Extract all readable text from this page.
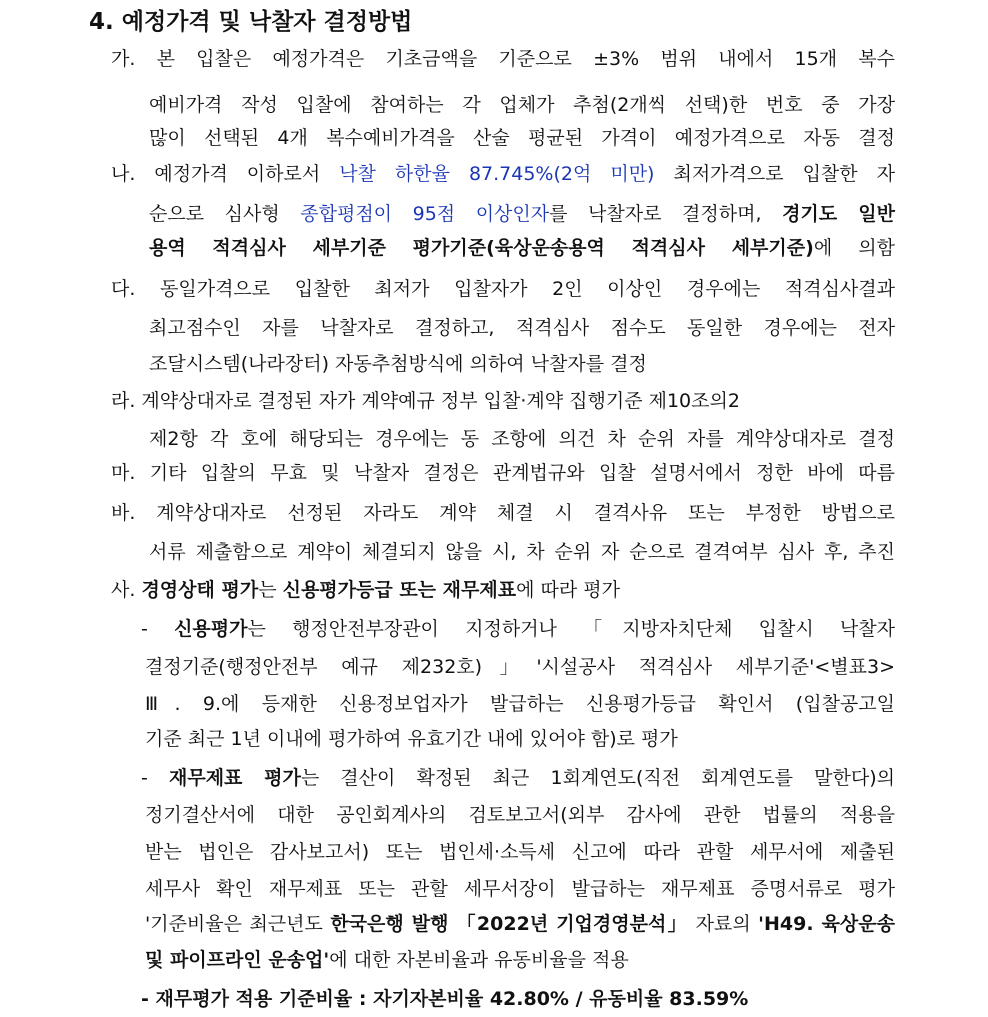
4. 예정가격 및 낙찰자 결정방법
가. 본 입찰은 예정가격은 기초금액을 기준으로 ±3% 범위 내에서 15개 복수
예비가격 작성 입찰에 참여하는 각 업체가 추첨(2개씩 선택)한 번호 중 가장
많이 선택된 4개 복수예비가격을 산술 평균된 가격이 예정가격으로 자동 결정
나. 예정가격 이하로서 낙찰 하한율 87.745%(2억 미만) 최저가격으로 입찰한 자
순으로 심사형 종합평점이 95점 이상인자를 낙찰자로 결정하며, 경기도 일반
용역 적격심사 세부기준 평가기준(육상운송용역 적격심사 세부기준)에 의함
다. 동일가격으로 입찰한 최저가 입찰자가 2인 이상인 경우에는 적격심사결과
최고점수인 자를 낙찰자로 결정하고, 적격심사 점수도 동일한 경우에는 전자
조달시스템(나라장터) 자동추첨방식에 의하여 낙찰자를 결정
라. 계약상대자로 결정된 자가 계약예규 정부 입찰·계약 집행기준 제10조의2
제2항 각 호에 해당되는 경우에는 동 조항에 의건 차 순위 자를 계약상대자로 결정
마. 기타 입찰의 무효 및 낙찰자 결정은 관계법규와 입찰 설명서에서 정한 바에 따름
바. 계약상대자로 선정된 자라도 계약 체결 시 결격사유 또는 부정한 방법으로
서류 제출함으로 계약이 체결되지 않을 시, 차 순위 자 순으로 결격여부 심사 후, 추진
사. 경영상태 평가는 신용평가등급 또는 재무제표에 따라 평가
- 신용평가는 행정안전부장관이 지정하거나 「지방자치단체 입찰시 낙찰자
결정기준(행정안전부 예규 제232호)」'시설공사 적격심사 세부기준'<별표3>
Ⅲ. 9.에 등재한 신용정보업자가 발급하는 신용평가등급 확인서 (입찰공고일
기준 최근 1년 이내에 평가하여 유효기간 내에 있어야 함)로 평가
- 재무제표 평가는 결산이 확정된 최근 1회계연도(직전 회계연도를 말한다)의
정기결산서에 대한 공인회계사의 검토보고서(외부 감사에 관한 법률의 적용을
받는 법인은 감사보고서) 또는 법인세·소득세 신고에 따라 관할 세무서에 제출된
세무사 확인 재무제표 또는 관할 세무서장이 발급하는 재무제표 증명서류로 평가
'기준비율은 최근년도 한국은행 발행 「2022년 기업경영분석」 자료의 'H49. 육상운송
및 파이프라인 운송업'에 대한 자본비율과 유동비율을 적용
- 재무평가 적용 기준비율 : 자기자본비율 42.80% / 유동비율 83.59%
